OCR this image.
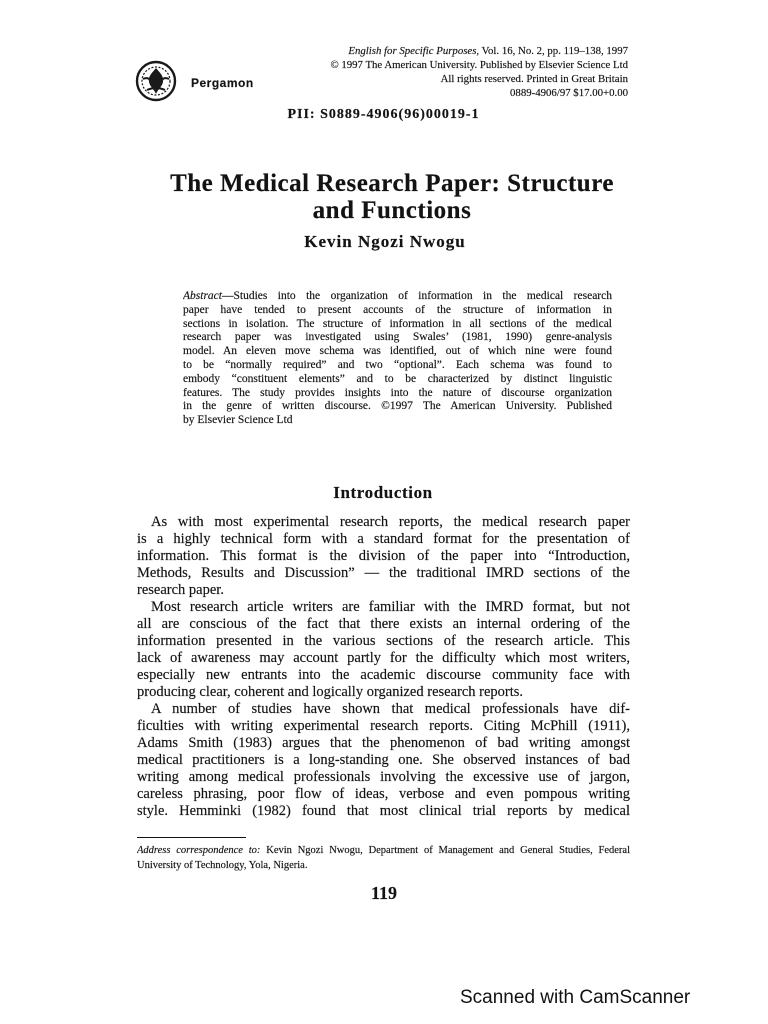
Pergamon
English for Specific Purposes, Vol. 16, No. 2, pp. 119–138, 1997
© 1997 The American University. Published by Elsevier Science Ltd
All rights reserved. Printed in Great Britain
0889-4906/97 $17.00+0.00
PII: S0889-4906(96)00019-1
The Medical Research Paper: Structure and Functions
Kevin Ngozi Nwogu
Abstract—Studies into the organization of information in the medical research
paper have tended to present accounts of the structure of information in
sections in isolation. The structure of information in all sections of the medical
research paper was investigated using Swales’ (1981, 1990) genre-analysis
model. An eleven move schema was identified, out of which nine were found
to be “normally required” and two “optional”. Each schema was found to
embody “constituent elements” and to be characterized by distinct linguistic
features. The study provides insights into the nature of discourse organization
in the genre of written discourse. ©1997 The American University. Published
by Elsevier Science Ltd
Introduction
As with most experimental research reports, the medical research paper
is a highly technical form with a standard format for the presentation of
information. This format is the division of the paper into “Introduction,
Methods, Results and Discussion” — the traditional IMRD sections of the
research paper.
Most research article writers are familiar with the IMRD format, but not
all are conscious of the fact that there exists an internal ordering of the
information presented in the various sections of the research article. This
lack of awareness may account partly for the difficulty which most writers,
especially new entrants into the academic discourse community face with
producing clear, coherent and logically organized research reports.
A number of studies have shown that medical professionals have dif-
ficulties with writing experimental research reports. Citing McPhill (1911),
Adams Smith (1983) argues that the phenomenon of bad writing amongst
medical practitioners is a long-standing one. She observed instances of bad
writing among medical professionals involving the excessive use of jargon,
careless phrasing, poor flow of ideas, verbose and even pompous writing
style. Hemminki (1982) found that most clinical trial reports by medical
Address correspondence to: Kevin Ngozi Nwogu, Department of Management and General Studies, Federal
University of Technology, Yola, Nigeria.
119
Scanned with CamScanner
